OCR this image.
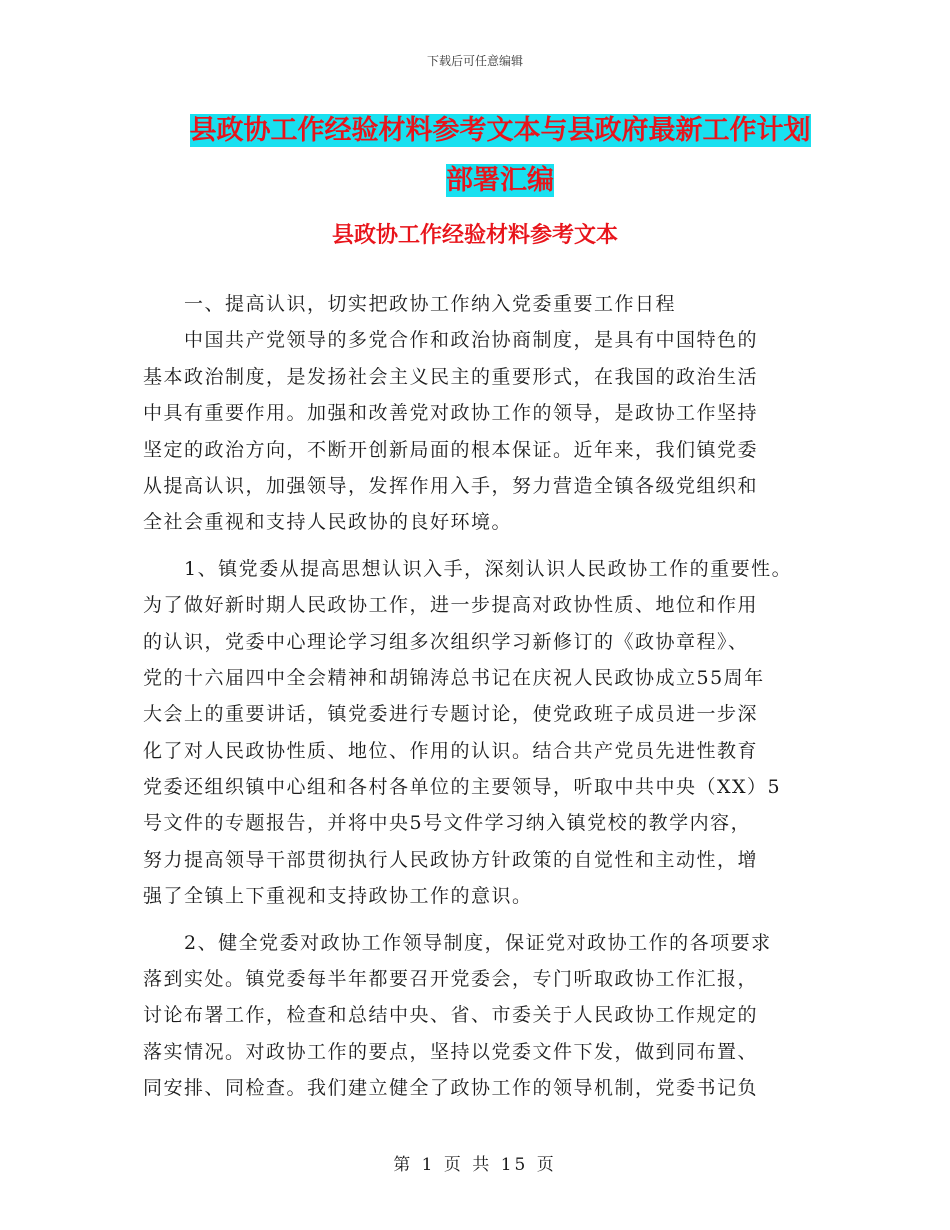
下载后可任意编辑
县政协工作经验材料参考文本与县政府最新工作计划
部署汇编
县政协工作经验材料参考文本
　　一、提高认识，切实把政协工作纳入党委重要工作日程
　　中国共产党领导的多党合作和政治协商制度，是具有中国特色的
基本政治制度，是发扬社会主义民主的重要形式，在我国的政治生活
中具有重要作用。加强和改善党对政协工作的领导，是政协工作坚持
坚定的政治方向，不断开创新局面的根本保证。近年来，我们镇党委
从提高认识，加强领导，发挥作用入手，努力营造全镇各级党组织和
全社会重视和支持人民政协的良好环境。
　　1、镇党委从提高思想认识入手，深刻认识人民政协工作的重要性。
为了做好新时期人民政协工作，进一步提高对政协性质、地位和作用
的认识，党委中心理论学习组多次组织学习新修订的《政协章程》、
党的十六届四中全会精神和胡锦涛总书记在庆祝人民政协成立55周年
大会上的重要讲话，镇党委进行专题讨论，使党政班子成员进一步深
化了对人民政协性质、地位、作用的认识。结合共产党员先进性教育
党委还组织镇中心组和各村各单位的主要领导，听取中共中央（XX）5
号文件的专题报告，并将中央5号文件学习纳入镇党校的教学内容，
努力提高领导干部贯彻执行人民政协方针政策的自觉性和主动性，增
强了全镇上下重视和支持政协工作的意识。
　　2、健全党委对政协工作领导制度，保证党对政协工作的各项要求
落到实处。镇党委每半年都要召开党委会，专门听取政协工作汇报，
讨论布署工作，检查和总结中央、省、市委关于人民政协工作规定的
落实情况。对政协工作的要点，坚持以党委文件下发，做到同布置、
同安排、同检查。我们建立健全了政协工作的领导机制，党委书记负
第 1 页 共 15 页
